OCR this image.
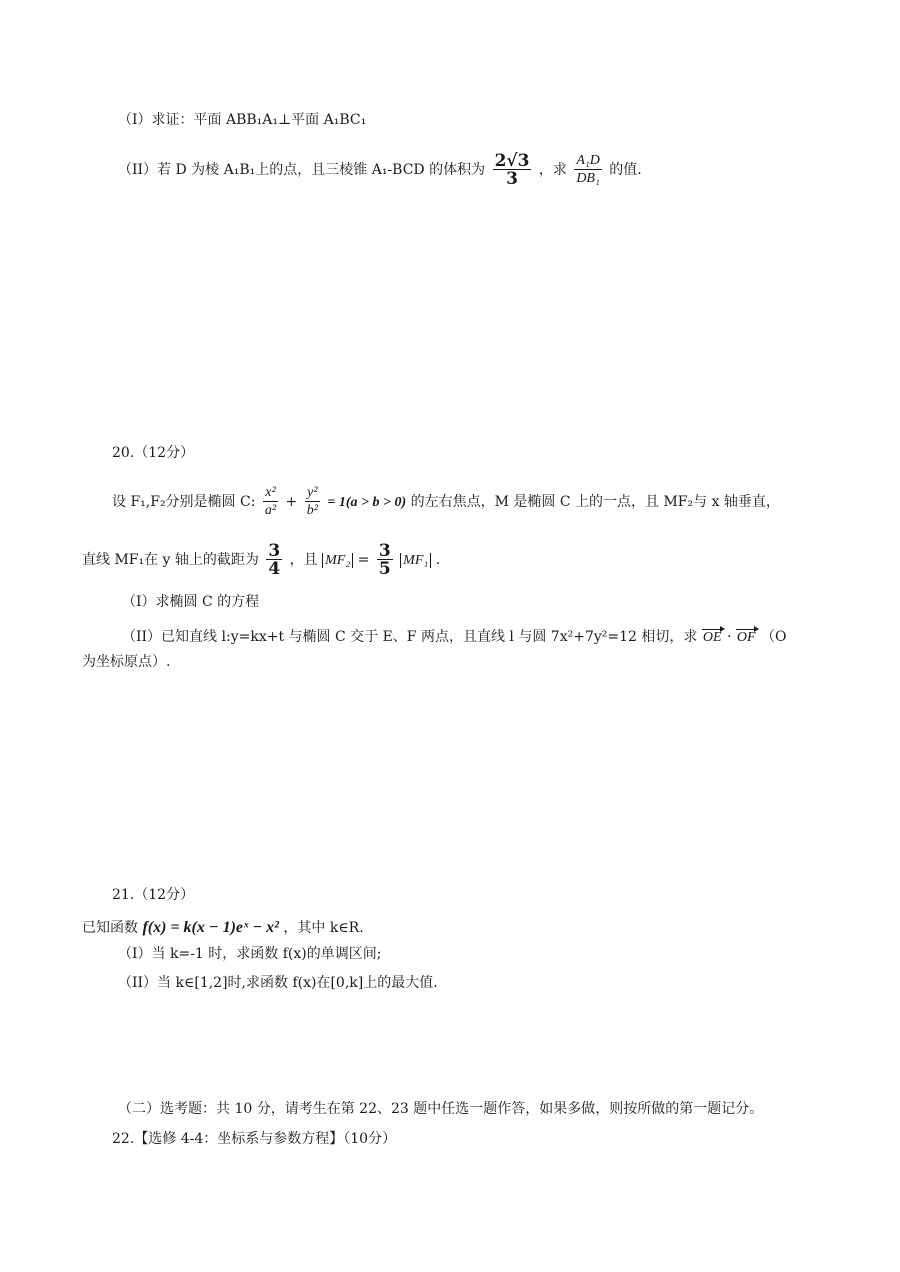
（I）求证：平面 ABB₁A₁⊥平面 A₁BC₁
（II）若 D 为棱 A₁B₁上的点，且三棱锥 A₁-BCD 的体积为 $\frac{2√3}{3}$ ，求 $\frac{\text{A₁D}}{\text{DB₁}}$ 的值.
20.（12分）
设 F₁,F₂分别是椭圆 C: $\frac{\text{x²}}{\text{a²}} + \frac{\text{y²}}{\text{b²}} = 1(a > b > 0)$ 的左右焦点，M 是椭圆 C 上的一点，且 MF₂与 x 轴垂直，
直线 MF₁在 y 轴上的截距为 $\frac{3}{4}$ ，且 $MF_2 = \frac{3}{5} MF_1$ .
（I）求椭圆 C 的方程
（II）已知直线 l:y=kx+t 与椭圆 C 交于 E、F 两点，且直线 l 与圆 7x²+7y²=12 相切，求 OE · OF （O
为坐标原点）.
21.（12分）
已知函数 f(x) = k(x − 1)eˣ − x² ，其中 k∈R.
（I）当 k=-1 时，求函数 f(x)的单调区间;
（II）当 k∈[1,2]时,求函数 f(x)在[0,k]上的最大值.
（二）选考题：共 10 分，请考生在第 22、23 题中任选一题作答，如果多做，则按所做的第一题记分。
22.【选修 4-4：坐标系与参数方程】（10分）
